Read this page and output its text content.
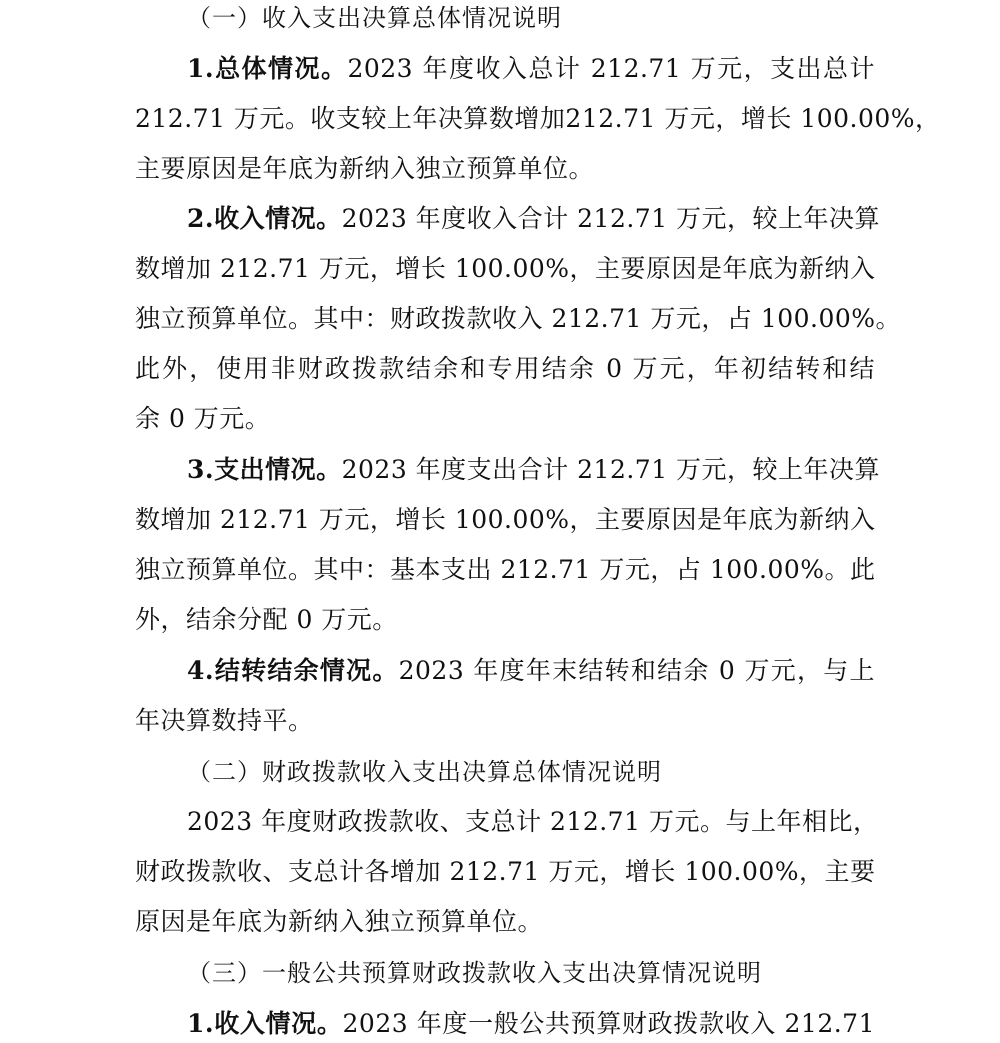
（一）收入支出决算总体情况说明
1.总体情况。2023 年度收入总计 212.71 万元，支出总计
212.71 万元。收支较上年决算数增加212.71 万元，增长 100.00%，
主要原因是年底为新纳入独立预算单位。
2.收入情况。2023 年度收入合计 212.71 万元，较上年决算
数增加 212.71 万元，增长 100.00%，主要原因是年底为新纳入
独立预算单位。其中：财政拨款收入 212.71 万元，占 100.00%。
此外，使用非财政拨款结余和专用结余 0 万元，年初结转和结
余 0 万元。
3.支出情况。2023 年度支出合计 212.71 万元，较上年决算
数增加 212.71 万元，增长 100.00%，主要原因是年底为新纳入
独立预算单位。其中：基本支出 212.71 万元，占 100.00%。此
外，结余分配 0 万元。
4.结转结余情况。2023 年度年末结转和结余 0 万元，与上
年决算数持平。
（二）财政拨款收入支出决算总体情况说明
2023 年度财政拨款收、支总计 212.71 万元。与上年相比，
财政拨款收、支总计各增加 212.71 万元，增长 100.00%，主要
原因是年底为新纳入独立预算单位。
（三）一般公共预算财政拨款收入支出决算情况说明
1.收入情况。2023 年度一般公共预算财政拨款收入 212.71
